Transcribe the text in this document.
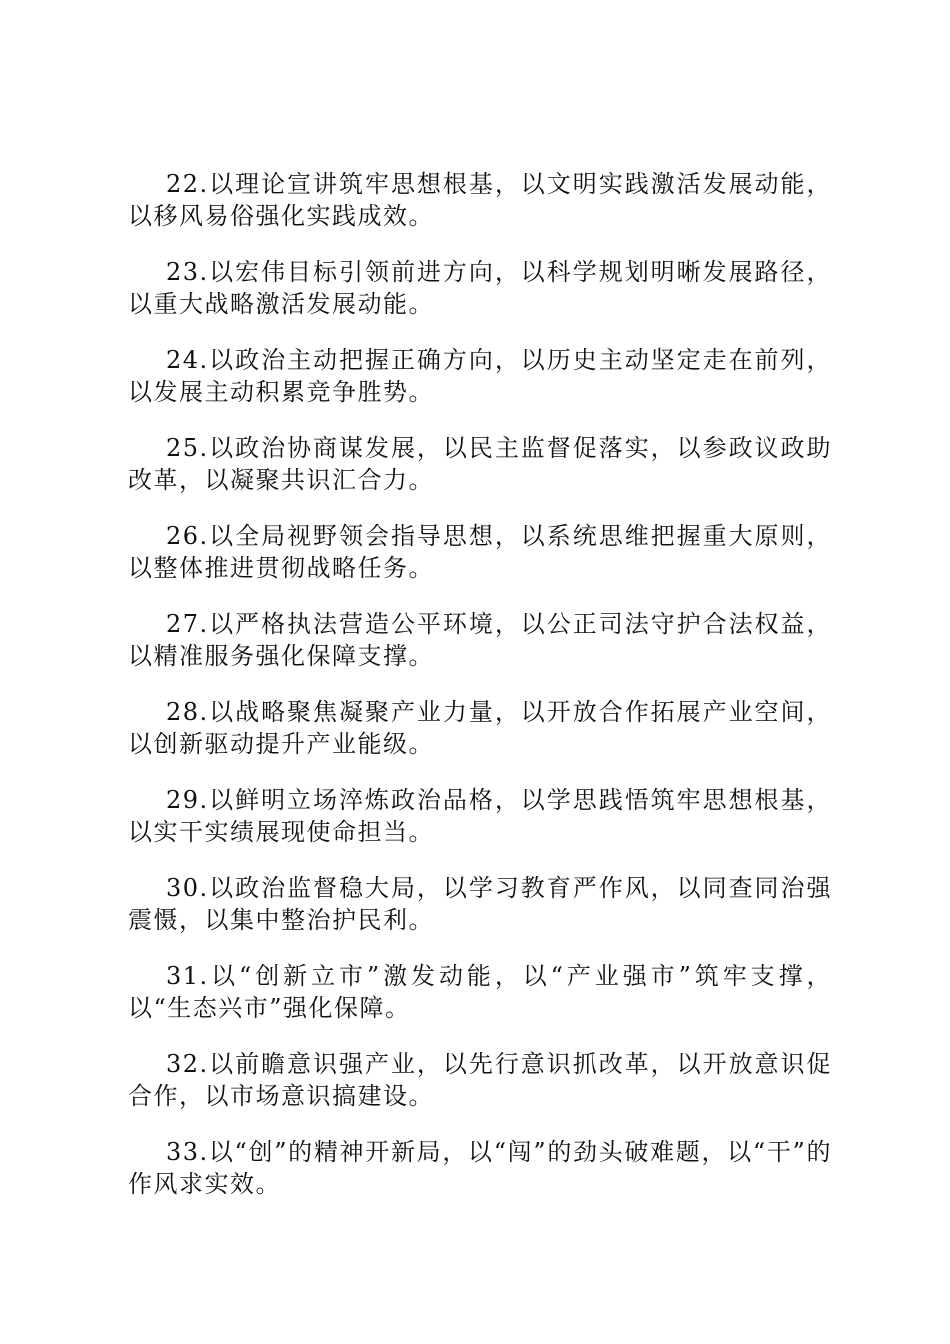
22.以理论宣讲筑牢思想根基，以文明实践激活发展动能，以移风易俗强化实践成效。

23.以宏伟目标引领前进方向，以科学规划明晰发展路径，以重大战略激活发展动能。

24.以政治主动把握正确方向，以历史主动坚定走在前列，以发展主动积累竞争胜势。

25.以政治协商谋发展，以民主监督促落实，以参政议政助改革，以凝聚共识汇合力。

26.以全局视野领会指导思想，以系统思维把握重大原则，以整体推进贯彻战略任务。

27.以严格执法营造公平环境，以公正司法守护合法权益，以精准服务强化保障支撑。

28.以战略聚焦凝聚产业力量，以开放合作拓展产业空间，以创新驱动提升产业能级。

29.以鲜明立场淬炼政治品格，以学思践悟筑牢思想根基，以实干实绩展现使命担当。

30.以政治监督稳大局，以学习教育严作风，以同查同治强震慑，以集中整治护民利。

31.以“创新立市”激发动能，以“产业强市”筑牢支撑，以“生态兴市”强化保障。

32.以前瞻意识强产业，以先行意识抓改革，以开放意识促合作，以市场意识搞建设。

33.以“创”的精神开新局，以“闯”的劲头破难题，以“干”的作风求实效。
